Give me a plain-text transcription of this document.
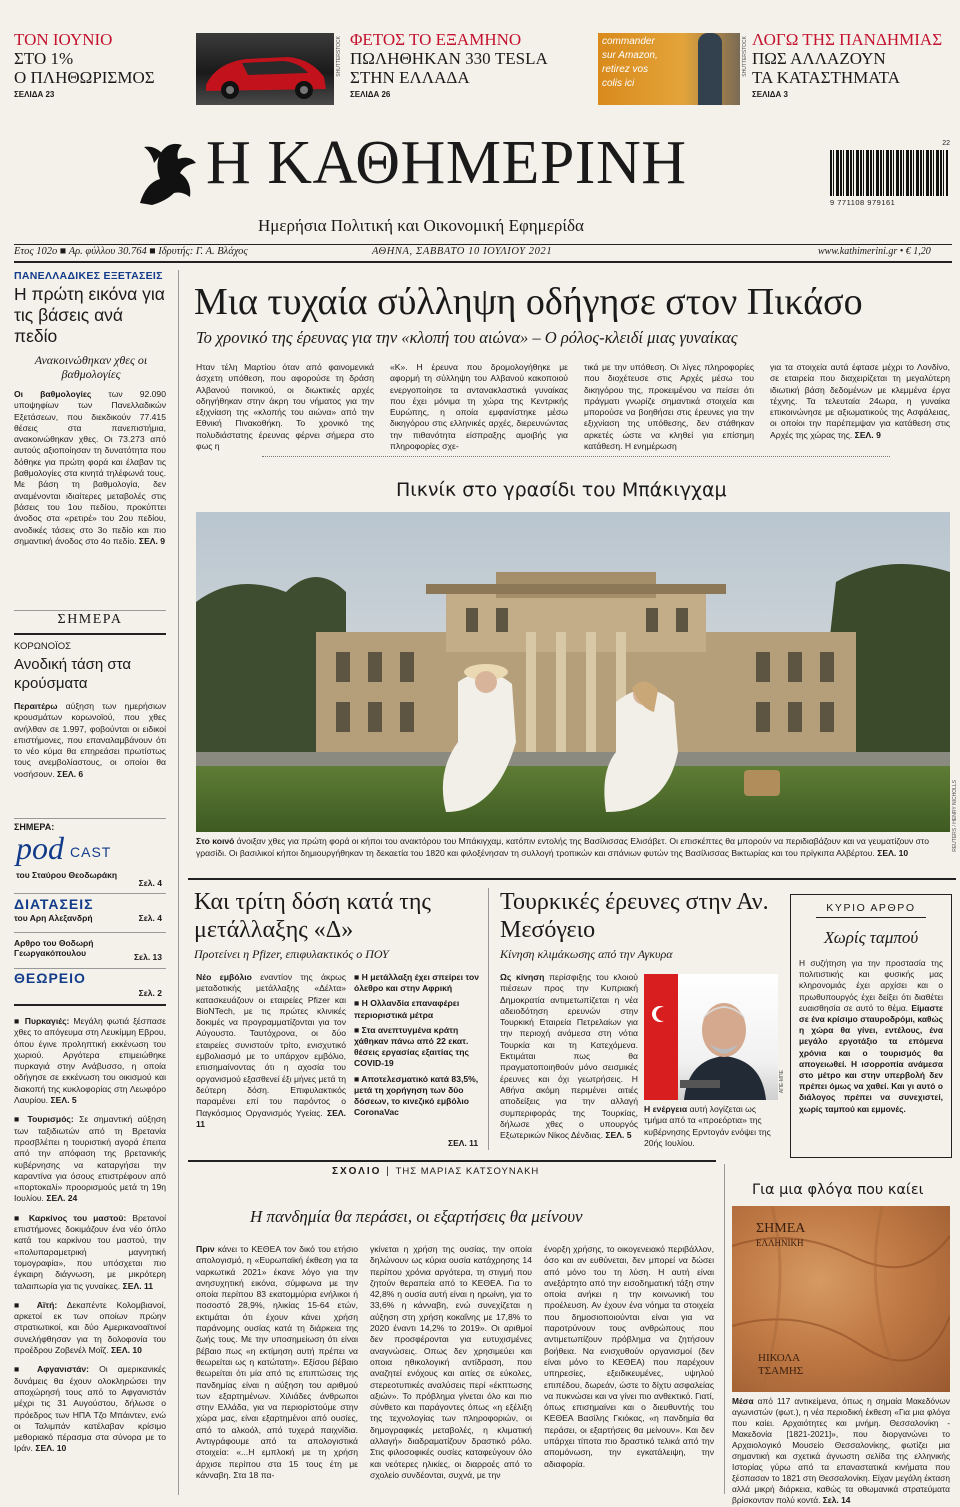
ΤΟΝ ΙΟΥΝΙΟ
ΣΤΟ 1%
Ο ΠΛΗΘΩΡΙΣΜΟΣ
ΣΕΛΙΔΑ 23
SHUTTERSTOCK ΦΕΤΟΣ ΤΟ ΕΞΑΜΗΝΟ
ΠΩΛΗΘΗΚΑΝ 330 TESLA
ΣΤΗΝ ΕΛΛΑΔΑ
ΣΕΛΙΔΑ 26
commander
sur Amazon,
retirez vos
colis ici
SHUTTERSTOCK ΛΟΓΩ ΤΗΣ ΠΑΝΔΗΜΙΑΣ
ΠΩΣ ΑΛΛΑΖΟΥΝ
ΤΑ ΚΑΤΑΣΤΗΜΑΤΑ
ΣΕΛΙΔΑ 3
Η ΚΑΘΗΜΕΡΙΝΗ
Ημερήσια Πολιτική και Οικονομική Εφημερίδα
22
9 771108 979161
Ετος 102ο ■ Αρ. φύλλου 30.764 ■ Ιδρυτής: Γ. Α. Βλάχος	ΑΘΗΝΑ, ΣΑΒΒΑΤΟ 10 ΙΟΥΛΙΟΥ 2021	www.kathimerini.gr • € 1,20
ΠΑΝΕΛΛΑΔΙΚΕΣ ΕΞΕΤΑΣΕΙΣ
Η πρώτη εικόνα για τις βάσεις ανά πεδίο
Ανακοινώθηκαν χθες οι βαθμολογίες
Οι βαθμολογίες των 92.090 υποψηφίων των Πανελλαδικών Εξετάσεων, που διεκδικούν 77.415 θέσεις στα πανεπιστήμια, ανακοινώθηκαν χθες. Οι 73.273 από αυτούς αξιοποίησαν τη δυνατότητα που δόθηκε για πρώτη φορά και έλαβαν τις βαθμολογίες στα κινητά τηλέφωνά τους. Με βάση τη βαθμολογία, δεν αναμένονται ιδιαίτερες μεταβολές στις βάσεις του 1ου πεδίου, προκύπτει άνοδος στα «ρετιρέ» του 2ου πεδίου, ανοδικές τάσεις στο 3ο πεδίο και πιο σημαντική άνοδος στο 4ο πεδίο. ΣΕΛ. 9
ΣΗΜΕΡΑ
ΚΟΡΩΝΟΪΟΣ
Ανοδική τάση στα κρούσματα
Περαιτέρω αύξηση των ημερήσιων κρουσμάτων κορωνοϊού, που χθες ανήλθαν σε 1.997, φοβούνται οι ειδικοί επιστήμονες, που επαναλαμβάνουν ότι το νέο κύμα θα επηρεάσει πρωτίστως τους ανεμβολίαστους, οι οποίοι θα νοσήσουν. ΣΕΛ. 6
ΣΗΜΕΡΑ:
pod CAST
του Σταύρου Θεοδωράκη
Σελ. 4
ΔΙΑΤΑΣΕΙΣ
του Αρη Αλεξανδρή	Σελ. 4
Αρθρο του Θοδωρή Γεωργακόπουλου	Σελ. 13
ΘΕΩΡΕΙΟ
Σελ. 2
■ Πυρκαγιές: Μεγάλη φωτιά ξέσπασε χθες το απόγευμα στη Λευκίμμη Εβρου, όπου έγινε προληπτική εκκένωση του χωριού. Αργότερα επιμειώθηκε πυρκαγιά στην Ανάβυσσο, η οποία οδήγησε σε εκκένωση του οικισμού και διακοπή της κυκλοφορίας στη Λεωφόρο Λαυρίου. ΣΕΛ. 5
■ Τουρισμός: Σε σημαντική αύξηση των ταξιδιωτών από τη Βρετανία προσβλέπει η τουριστική αγορά έπειτα από την απόφαση της βρετανικής κυβέρνησης να καταργήσει την καραντίνα για όσους επιστρέφουν από «πορτοκαλί» προορισμούς μετά τη 19η Ιουλίου. ΣΕΛ. 24
■ Καρκίνος του μαστού: Βρετανοί επιστήμονες δοκιμάζουν ένα νέο όπλο κατά του καρκίνου του μαστού, την «πολυπαραμετρική μαγνητική τομογραφία», που υπόσχεται πιο έγκαιρη διάγνωση, με μικρότερη ταλαιπωρία για τις γυναίκες. ΣΕΛ. 11
■ Αϊτή: Δεκαπέντε Κολομβιανοί, αρκετοί εκ των οποίων πρώην στρατιωτικοί, και δύο Αμερικανοαϊτινοί συνελήφθησαν για τη δολοφονία του προέδρου Ζοβενέλ Μοΐζ. ΣΕΛ. 10
■ Αφγανιστάν: Οι αμερικανικές δυνάμεις θα έχουν ολοκληρώσει την αποχώρησή τους από το Αφγανιστάν μέχρι τις 31 Αυγούστου, δήλωσε ο πρόεδρος των ΗΠΑ Τζο Μπάιντεν, ενώ οι Ταλιμπάν κατέλαβαν κρίσιμο μεθοριακό πέρασμα στα σύνορα με το Ιράν. ΣΕΛ. 10
Μια τυχαία σύλληψη οδήγησε στον Πικάσο
Το χρονικό της έρευνας για την «κλοπή του αιώνα» – Ο ρόλος-κλειδί μιας γυναίκας
Ηταν τέλη Μαρτίου όταν από φαινομενικά άσχετη υπόθεση, που αφορούσε τη δράση Αλβανού ποινικού, οι διωκτικές αρχές οδηγήθηκαν στην άκρη του νήματος για την εξιχνίαση της «κλοπής του αιώνα» από την Εθνική Πινακοθήκη. Το χρονικό της πολυδιάστατης έρευνας φέρνει σήμερα στο φως η
«Κ». Η έρευνα που δρομολογήθηκε με αφορμή τη σύλληψη του Αλβανού κακοποιού ενεργοποίησε τα αντανακλαστικά γυναίκας που έχει μόνιμα τη χώρα της Κεντρικής Ευρώπης, η οποία εμφανίστηκε μέσω δικηγόρου στις ελληνικές αρχές, διερευνώντας την πιθανότητα είσπραξης αμοιβής για πληροφορίες σχε-
τικά με την υπόθεση. Οι λίγες πληροφορίες που διοχέτευσε στις Αρχές μέσω του δικηγόρου της, προκειμένου να πείσει ότι πράγματι γνωρίζε σημαντικά στοιχεία και μπορούσε να βοηθήσει στις έρευνες για την εξιχνίαση της υπόθεσης, δεν στάθηκαν αρκετές ώστε να κληθεί για επίσημη κατάθεση. Η ενημέρωση
για τα στοιχεία αυτά έφτασε μέχρι το Λονδίνο, σε εταιρεία που διαχειρίζεται τη μεγαλύτερη ιδιωτική βάση δεδομένων με κλεμμένα έργα τέχνης. Τα τελευταία 24ωρα, η γυναίκα επικοινώνησε με αξιωματικούς της Ασφάλειας, οι οποίοι την παρέπεμψαν για κατάθεση στις Αρχές της χώρας της. ΣΕΛ. 9
Πικνίκ στο γρασίδι του Μπάκιγχαμ
REUTERS / HENRY NICHOLLS
Στο κοινό άνοιξαν χθες για πρώτη φορά οι κήποι του ανακτόρου του Μπάκιγχαμ, κατόπιν εντολής της Βασίλισσας Ελισάβετ. Οι επισκέπτες θα μπορούν να περιδιαβάζουν και να γευματίζουν στο γρασίδι. Οι βασιλικοί κήποι δημιουργήθηκαν τη δεκαετία του 1820 και φιλοξένησαν τη συλλογή τροπικών και σπάνιων φυτών της Βασίλισσας Βικτωρίας και του πρίγκιπα Αλβέρτου. ΣΕΛ. 10
Και τρίτη δόση κατά της μετάλλαξης «Δ»
Προτείνει η Pfizer, επιφυλακτικός ο ΠΟΥ
Νέο εμβόλιο εναντίον της άκρως μεταδοτικής μετάλλαξης «Δέλτα» κατασκευάζουν οι εταιρείες Pfizer και BioNTech, με τις πρώτες κλινικές δοκιμές να προγραμματίζονται για τον Αύγουστο. Ταυτόχρονα, οι δύο εταιρείες συνιστούν τρίτο, ενισχυτικό εμβολιασμό με το υπάρχον εμβόλιο, επισημαίνοντας ότι η αχοσία του οργανισμού εξασθενεί έξι μήνες μετά τη δεύτερη δόση. Επιφυλακτικός παραμένει επί του παρόντος ο Παγκόσμιος Οργανισμός Υγείας. ΣΕΛ. 11
■ Η μετάλλαξη έχει σπείρει τον όλεθρο και στην Αφρική
■ Η Ολλανδία επαναφέρει περιοριστικά μέτρα
■ Στα ανεπτυγμένα κράτη χάθηκαν πάνω από 22 εκατ. θέσεις εργασίας εξαιτίας της COVID-19
■ Αποτελεσματικό κατά 83,5%, μετά τη χορήγηση των δύο δόσεων, το κινεζικό εμβόλιο CoronaVac
ΣΕΛ. 11
Τουρκικές έρευνες στην Αν. Μεσόγειο
Κίνηση κλιμάκωσης από την Αγκυρα
Ως κίνηση περίσφιξης του κλοιού πιέσεων προς την Κυπριακή Δημοκρατία αντιμετωπίζεται η νέα αδειοδότηση ερευνών στην Τουρκική Εταιρεία Πετρελαίων για την περιοχή ανάμεσα στη νότια Τουρκία και τη Κατεχόμενα. Εκτιμάται πως θα πραγματοποιηθούν μόνο σεισμικές έρευνες και όχι γεωτρήσεις. Η Αθήνα ακόμη περιμένει αιτιές αποδείξεις για την αλλαγή συμπεριφοράς της Τουρκίας, δήλωσε χθες ο υπουργός Εξωτερικών Νίκος Δένδιας. ΣΕΛ. 5
ΑΠΕ-ΜΠΕ
Η ενέργεια αυτή λογίζεται ως τμήμα από τα «προεόρτια» της κυβέρνησης Ερντογάν ενόψει της 20ής Ιουλίου.
ΚΥΡΙΟ ΑΡΘΡΟ
Χωρίς ταμπού
Η συζήτηση για την προστασία της πολιτιστικής και φυσικής μας κληρονομιάς έχει αρχίσει και ο πρωθυπουργός έχει δείξει ότι διαθέτει ευαισθησία σε αυτό το θέμα. Είμαστε σε ένα κρίσιμο σταυροδρόμι, καθώς η χώρα θα γίνει, εντέλους, ένα μεγάλο εργοτάξιο τα επόμενα χρόνια και ο τουρισμός θα απογειωθεί. Η ισορροπία ανάμεσα στο μέτρο και στην υπερβολή δεν πρέπει όμως να χαθεί. Και γι αυτό ο διάλογος πρέπει να συνεχιστεί, χωρίς ταμπού και εμμονές.
ΣΧΟΛΙΟ | ΤΗΣ ΜΑΡΙΑΣ ΚΑΤΣΟΥΝΑΚΗ
Η πανδημία θα περάσει, οι εξαρτήσεις θα μείνουν
Πριν κάνει το ΚΕΘΕΑ τον δικό του ετήσιο απολογισμό, η «Ευρωπαϊκή έκθεση για τα ναρκωτικά 2021» έκανε λόγο για την ανησυχητική εικόνα, σύμφωνα με την οποία περίπου 83 εκατομμύρια ενήλικοι ή ποσοστό 28,9%, ηλικίας 15-64 ετών, εκτιμάται ότι έχουν κάνει χρήση παράνομης ουσίας κατά τη διάρκεια της ζωής τους. Με την υποσημείωση ότι είναι βέβαιο πως «η εκτίμηση αυτή πρέπει να θεωρείται ως η κατώτατη». Εξίσου βέβαιο θεωρείται ότι μία από τις επιπτώσεις της πανδημίας είναι η αύξηση του αριθμού των εξαρτημένων. Χιλιάδες άνθρωποι στην Ελλάδα, για να περιορίστούμε στην χώρα μας, είναι εξαρτημένοι από ουσίες, από το αλκοόλ, από τυχερά παιχνίδια. Αντιγράφουμε από τα απολογιστικά στοιχεία: «...Η εμπλοκή με τη χρήση άρχισε περίπου στα 15 τους έτη με κάνναβη. Στα 18 πα-
γκίνεται η χρήση της ουσίας, την οποία δηλώνουν ως κύρια ουσία κατάχρησης 14 περίπου χρόνια αργότερα, τη στιγμή που ζητούν θεραπεία από το ΚΕΘΕΑ. Για το 42,8% η ουσία αυτή είναι η ηρωίνη, για το 33,6% η κάνναβη, ενώ συνεχίζεται η αύξηση στη χρήση κοκαΐνης με 17,8% το 2020 έναντι 14,2% το 2019». Οι αριθμοί δεν προσφέρονται για ευτυχισμένες αναγνώσεις. Οπως δεν χρησιμεύει και οποια ηθικολογική αντίδραση, που αναζητεί ενόχους και αιτίες σε εύκολες, στερεοτυπικές αναλύσεις περί «έκπτωσης αξιών». Το πρόβλημα γίνεται όλο και πιο σύνθετο και παράγοντες όπως «η εξέλιξη της τεχνολογίας των πληροφοριών, οι δημογραφικές μεταβολές, η κλιματική αλλαγή» διαδραματίζουν δραστικό ρόλο. Στις φιλοσοφικές ουσίες καταφεύγουν όλο και νεότερες ηλικίες, οι διαρροές από το σχολείο συνδέονται, συχνά, με την
ένορξη χρήσης, το οικογενειακό περιβάλλον, όσο και αν ευθύνεται, δεν μπορεί να δώσει από μόνο του τη λύση. Η αυτή είναι ανεξάρτητο από την εισοδηματική τάξη στην οποία ανήκει η την κοινωνική του προέλευση. Αν έχουν ένα νόημα τα στοιχεία που δημοσιοποιούνται είναι για να παροτρύνουν τους ανθρώπους που αντιμετωπίζουν πρόβλημα να ζητήσουν βοήθεια. Να ενισχυθούν οργανισμοί (δεν είναι μόνο το ΚΕΘΕΑ) που παρέχουν υπηρεσίες, εξειδικευμένες, υψηλού επιπέδου, δωρεάν, ώστε το δίχτυ ασφαλείας να πυκνώσει και να γίνει πιο ανθεκτικό. Γιατί, όπως επισημαίνει και ο διευθυντής του ΚΕΘΕΑ Βασίλης Γκιόκας, «η πανδημία θα περάσει, οι εξαρτήσεις θα μείνουν». Και δεν υπάρχει τίποτα πιο δραστικό τελικά από την απομόνωση, την εγκατάλειψη, την αδιαφορία.
Για μια φλόγα που καίει
ΣΗΜΕΑ
ΕΛΛΗΝΙΚΗ
ΗΙΚΟΛΑ
ΤΣΑΜΗΣ
Μέσα από 117 αντικείμενα, όπως η σημαία Μακεδόνων αγωνιστών (φωτ.), η νέα περιοδική έκθεση «Για μια φλόγα που καίει. Αρχαιότητες και μνήμη. Θεσσαλονίκη - Μακεδονία [1821-2021]», που διοργανώνει το Αρχαιολογικό Μουσείο Θεσσαλονίκης, φωτίζει μια σημαντική και σχετικά άγνωστη σελίδα της ελληνικής Ιστορίας γύρω από τα επαναστατικά κινήματα που ξέσπασαν το 1821 στη Θεσσαλονίκη. Είχαν μεγάλη έκταση αλλά μικρή διάρκεια, καθώς τα οθωμανικά στρατεύματα βρίσκονταν πολύ κοντά. Σελ. 14
